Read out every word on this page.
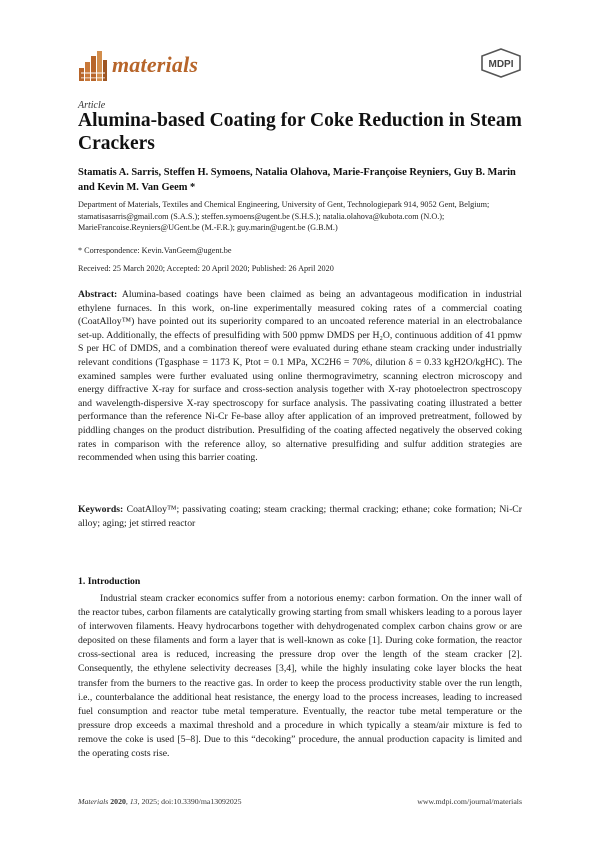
materials	MDPI
Article
Alumina-based Coating for Coke Reduction in Steam Crackers

Stamatis A. Sarris, Steffen H. Symoens, Natalia Olahova, Marie-Françoise Reyniers, Guy B. Marin and Kevin M. Van Geem *

Department of Materials, Textiles and Chemical Engineering, University of Gent, Technologiepark 914, 9052 Gent, Belgium; stamatisasarris@gmail.com (S.A.S.); steffen.symoens@ugent.be (S.H.S.); natalia.olahova@kubota.com (N.O.); MarieFrancoise.Reyniers@UGent.be (M.-F.R.); guy.marin@ugent.be (G.B.M.)

* Correspondence: Kevin.VanGeem@ugent.be
Received: 25 March 2020; Accepted: 20 April 2020; Published: 26 April 2020

Abstract: Alumina-based coatings have been claimed as being an advantageous modification in industrial ethylene furnaces. In this work, on-line experimentally measured coking rates of a commercial coating (CoatAlloy™) have pointed out its superiority compared to an uncoated reference material in an electrobalance set-up. Additionally, the effects of presulfiding with 500 ppmw DMDS per H₂O, continuous addition of 41 ppmw S per HC of DMDS, and a combination thereof were evaluated during ethane steam cracking under industrially relevant conditions (Tgasphase = 1173 K, Ptot = 0.1 MPa, XC2H6 = 70%, dilution δ = 0.33 kgH2O/kgHC). The examined samples were further evaluated using online thermogravimetry, scanning electron microscopy and energy diffractive X-ray for surface and cross-section analysis together with X-ray photoelectron spectroscopy and wavelength-dispersive X-ray spectroscopy for surface analysis. The passivating coating illustrated a better performance than the reference Ni-Cr Fe-base alloy after application of an improved pretreatment, followed by piddling changes on the product distribution. Presulfiding of the coating affected negatively the observed coking rates in comparison with the reference alloy, so alternative presulfiding and sulfur addition strategies are recommended when using this barrier coating.

Keywords: CoatAlloy™; passivating coating; steam cracking; thermal cracking; ethane; coke formation; Ni-Cr alloy; aging; jet stirred reactor

1. Introduction

Industrial steam cracker economics suffer from a notorious enemy: carbon formation. On the inner wall of the reactor tubes, carbon filaments are catalytically growing starting from small whiskers leading to a porous layer of interwoven filaments. Heavy hydrocarbons together with dehydrogenated complex carbon chains grow or are deposited on these filaments and form a layer that is well-known as coke [1]. During coke formation, the reactor cross-sectional area is reduced, increasing the pressure drop over the length of the steam cracker [2]. Consequently, the ethylene selectivity decreases [3,4], while the highly insulating coke layer blocks the heat transfer from the burners to the reactive gas. In order to keep the process productivity stable over the run length, i.e., counterbalance the additional heat resistance, the energy load to the process increases, leading to increased fuel consumption and reactor tube metal temperature. Eventually, the reactor tube metal temperature or the pressure drop exceeds a maximal threshold and a procedure in which typically a steam/air mixture is fed to remove the coke is used [5–8]. Due to this “decoking” procedure, the annual production capacity is limited and the operating costs rise.

Materials 2020, 13, 2025; doi:10.3390/ma13092025	www.mdpi.com/journal/materials
